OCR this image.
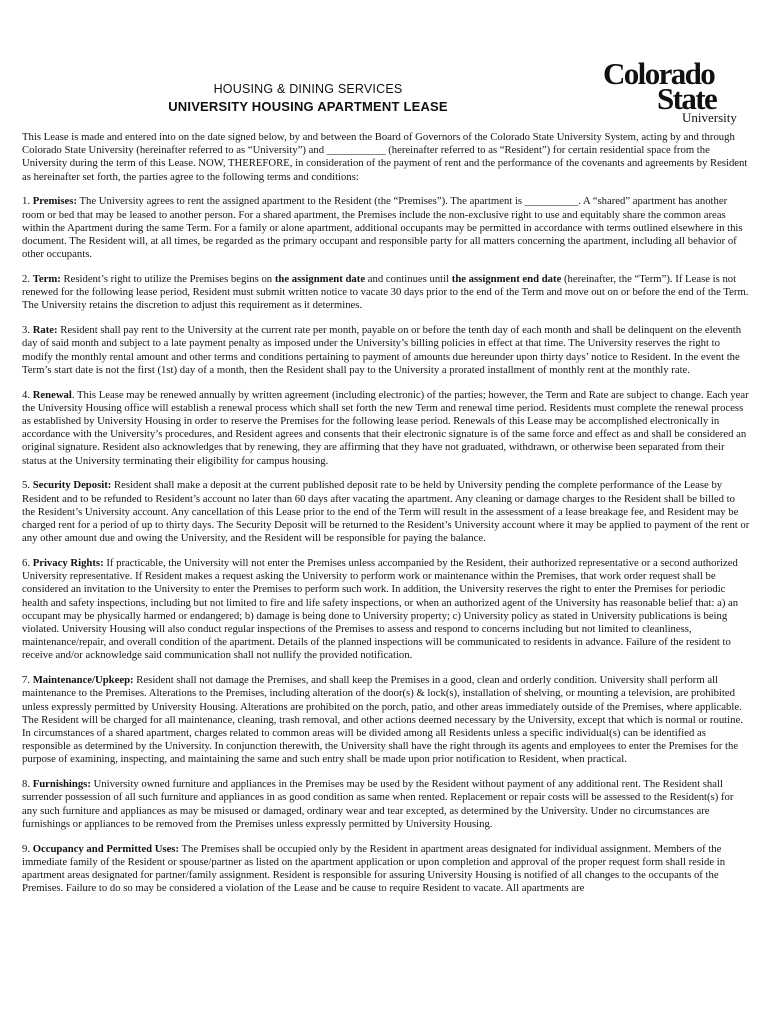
HOUSING & DINING SERVICES
UNIVERSITY HOUSING APARTMENT LEASE
Colorado
State
University

This Lease is made and entered into on the date signed below, by and between the Board of Governors of the Colorado State University System, acting by and through Colorado State University (hereinafter referred to as “University”) and ___________ (hereinafter referred to as “Resident”) for certain residential space from the University during the term of this Lease. NOW, THEREFORE, in consideration of the payment of rent and the performance of the covenants and agreements by Resident as hereinafter set forth, the parties agree to the following terms and conditions:

1. Premises: The University agrees to rent the assigned apartment to the Resident (the “Premises”). The apartment is __________. A “shared” apartment has another room or bed that may be leased to another person. For a shared apartment, the Premises include the non-exclusive right to use and equitably share the common areas within the Apartment during the same Term. For a family or alone apartment, additional occupants may be permitted in accordance with terms outlined elsewhere in this document. The Resident will, at all times, be regarded as the primary occupant and responsible party for all matters concerning the apartment, including all behavior of other occupants.

2. Term: Resident’s right to utilize the Premises begins on the assignment date and continues until the assignment end date (hereinafter, the “Term”). If Lease is not renewed for the following lease period, Resident must submit written notice to vacate 30 days prior to the end of the Term and move out on or before the end of the Term. The University retains the discretion to adjust this requirement as it determines.

3. Rate: Resident shall pay rent to the University at the current rate per month, payable on or before the tenth day of each month and shall be delinquent on the eleventh day of said month and subject to a late payment penalty as imposed under the University’s billing policies in effect at that time. The University reserves the right to modify the monthly rental amount and other terms and conditions pertaining to payment of amounts due hereunder upon thirty days’ notice to Resident. In the event the Term’s start date is not the first (1st) day of a month, then the Resident shall pay to the University a prorated installment of monthly rent at the monthly rate.

4. Renewal. This Lease may be renewed annually by written agreement (including electronic) of the parties; however, the Term and Rate are subject to change. Each year the University Housing office will establish a renewal process which shall set forth the new Term and renewal time period. Residents must complete the renewal process as established by University Housing in order to reserve the Premises for the following lease period. Renewals of this Lease may be accomplished electronically in accordance with the University’s procedures, and Resident agrees and consents that their electronic signature is of the same force and effect as and shall be considered an original signature. Resident also acknowledges that by renewing, they are affirming that they have not graduated, withdrawn, or otherwise been separated from their status at the University terminating their eligibility for campus housing.

5. Security Deposit: Resident shall make a deposit at the current published deposit rate to be held by University pending the complete performance of the Lease by Resident and to be refunded to Resident’s account no later than 60 days after vacating the apartment. Any cleaning or damage charges to the Resident shall be billed to the Resident’s University account. Any cancellation of this Lease prior to the end of the Term will result in the assessment of a lease breakage fee, and Resident may be charged rent for a period of up to thirty days. The Security Deposit will be returned to the Resident’s University account where it may be applied to payment of the rent or any other amount due and owing the University, and the Resident will be responsible for paying the balance.

6. Privacy Rights: If practicable, the University will not enter the Premises unless accompanied by the Resident, their authorized representative or a second authorized University representative. If Resident makes a request asking the University to perform work or maintenance within the Premises, that work order request shall be considered an invitation to the University to enter the Premises to perform such work. In addition, the University reserves the right to enter the Premises for periodic health and safety inspections, including but not limited to fire and life safety inspections, or when an authorized agent of the University has reasonable belief that: a) an occupant may be physically harmed or endangered; b) damage is being done to University property; c) University policy as stated in University publications is being violated. University Housing will also conduct regular inspections of the Premises to assess and respond to concerns including but not limited to cleanliness, maintenance/repair, and overall condition of the apartment. Details of the planned inspections will be communicated to residents in advance. Failure of the resident to receive and/or acknowledge said communication shall not nullify the provided notification.

7. Maintenance/Upkeep: Resident shall not damage the Premises, and shall keep the Premises in a good, clean and orderly condition. University shall perform all maintenance to the Premises. Alterations to the Premises, including alteration of the door(s) & lock(s), installation of shelving, or mounting a television, are prohibited unless expressly permitted by University Housing. Alterations are prohibited on the porch, patio, and other areas immediately outside of the Premises, where applicable. The Resident will be charged for all maintenance, cleaning, trash removal, and other actions deemed necessary by the University, except that which is normal or routine. In circumstances of a shared apartment, charges related to common areas will be divided among all Residents unless a specific individual(s) can be identified as responsible as determined by the University. In conjunction therewith, the University shall have the right through its agents and employees to enter the Premises for the purpose of examining, inspecting, and maintaining the same and such entry shall be made upon prior notification to Resident, when practical.

8. Furnishings: University owned furniture and appliances in the Premises may be used by the Resident without payment of any additional rent. The Resident shall surrender possession of all such furniture and appliances in as good condition as same when rented. Replacement or repair costs will be assessed to the Resident(s) for any such furniture and appliances as may be misused or damaged, ordinary wear and tear excepted, as determined by the University. Under no circumstances are furnishings or appliances to be removed from the Premises unless expressly permitted by University Housing.

9. Occupancy and Permitted Uses: The Premises shall be occupied only by the Resident in apartment areas designated for individual assignment. Members of the immediate family of the Resident or spouse/partner as listed on the apartment application or upon completion and approval of the proper request form shall reside in apartment areas designated for partner/family assignment. Resident is responsible for assuring University Housing is notified of all changes to the occupants of the Premises. Failure to do so may be considered a violation of the Lease and be cause to require Resident to vacate. All apartments are
